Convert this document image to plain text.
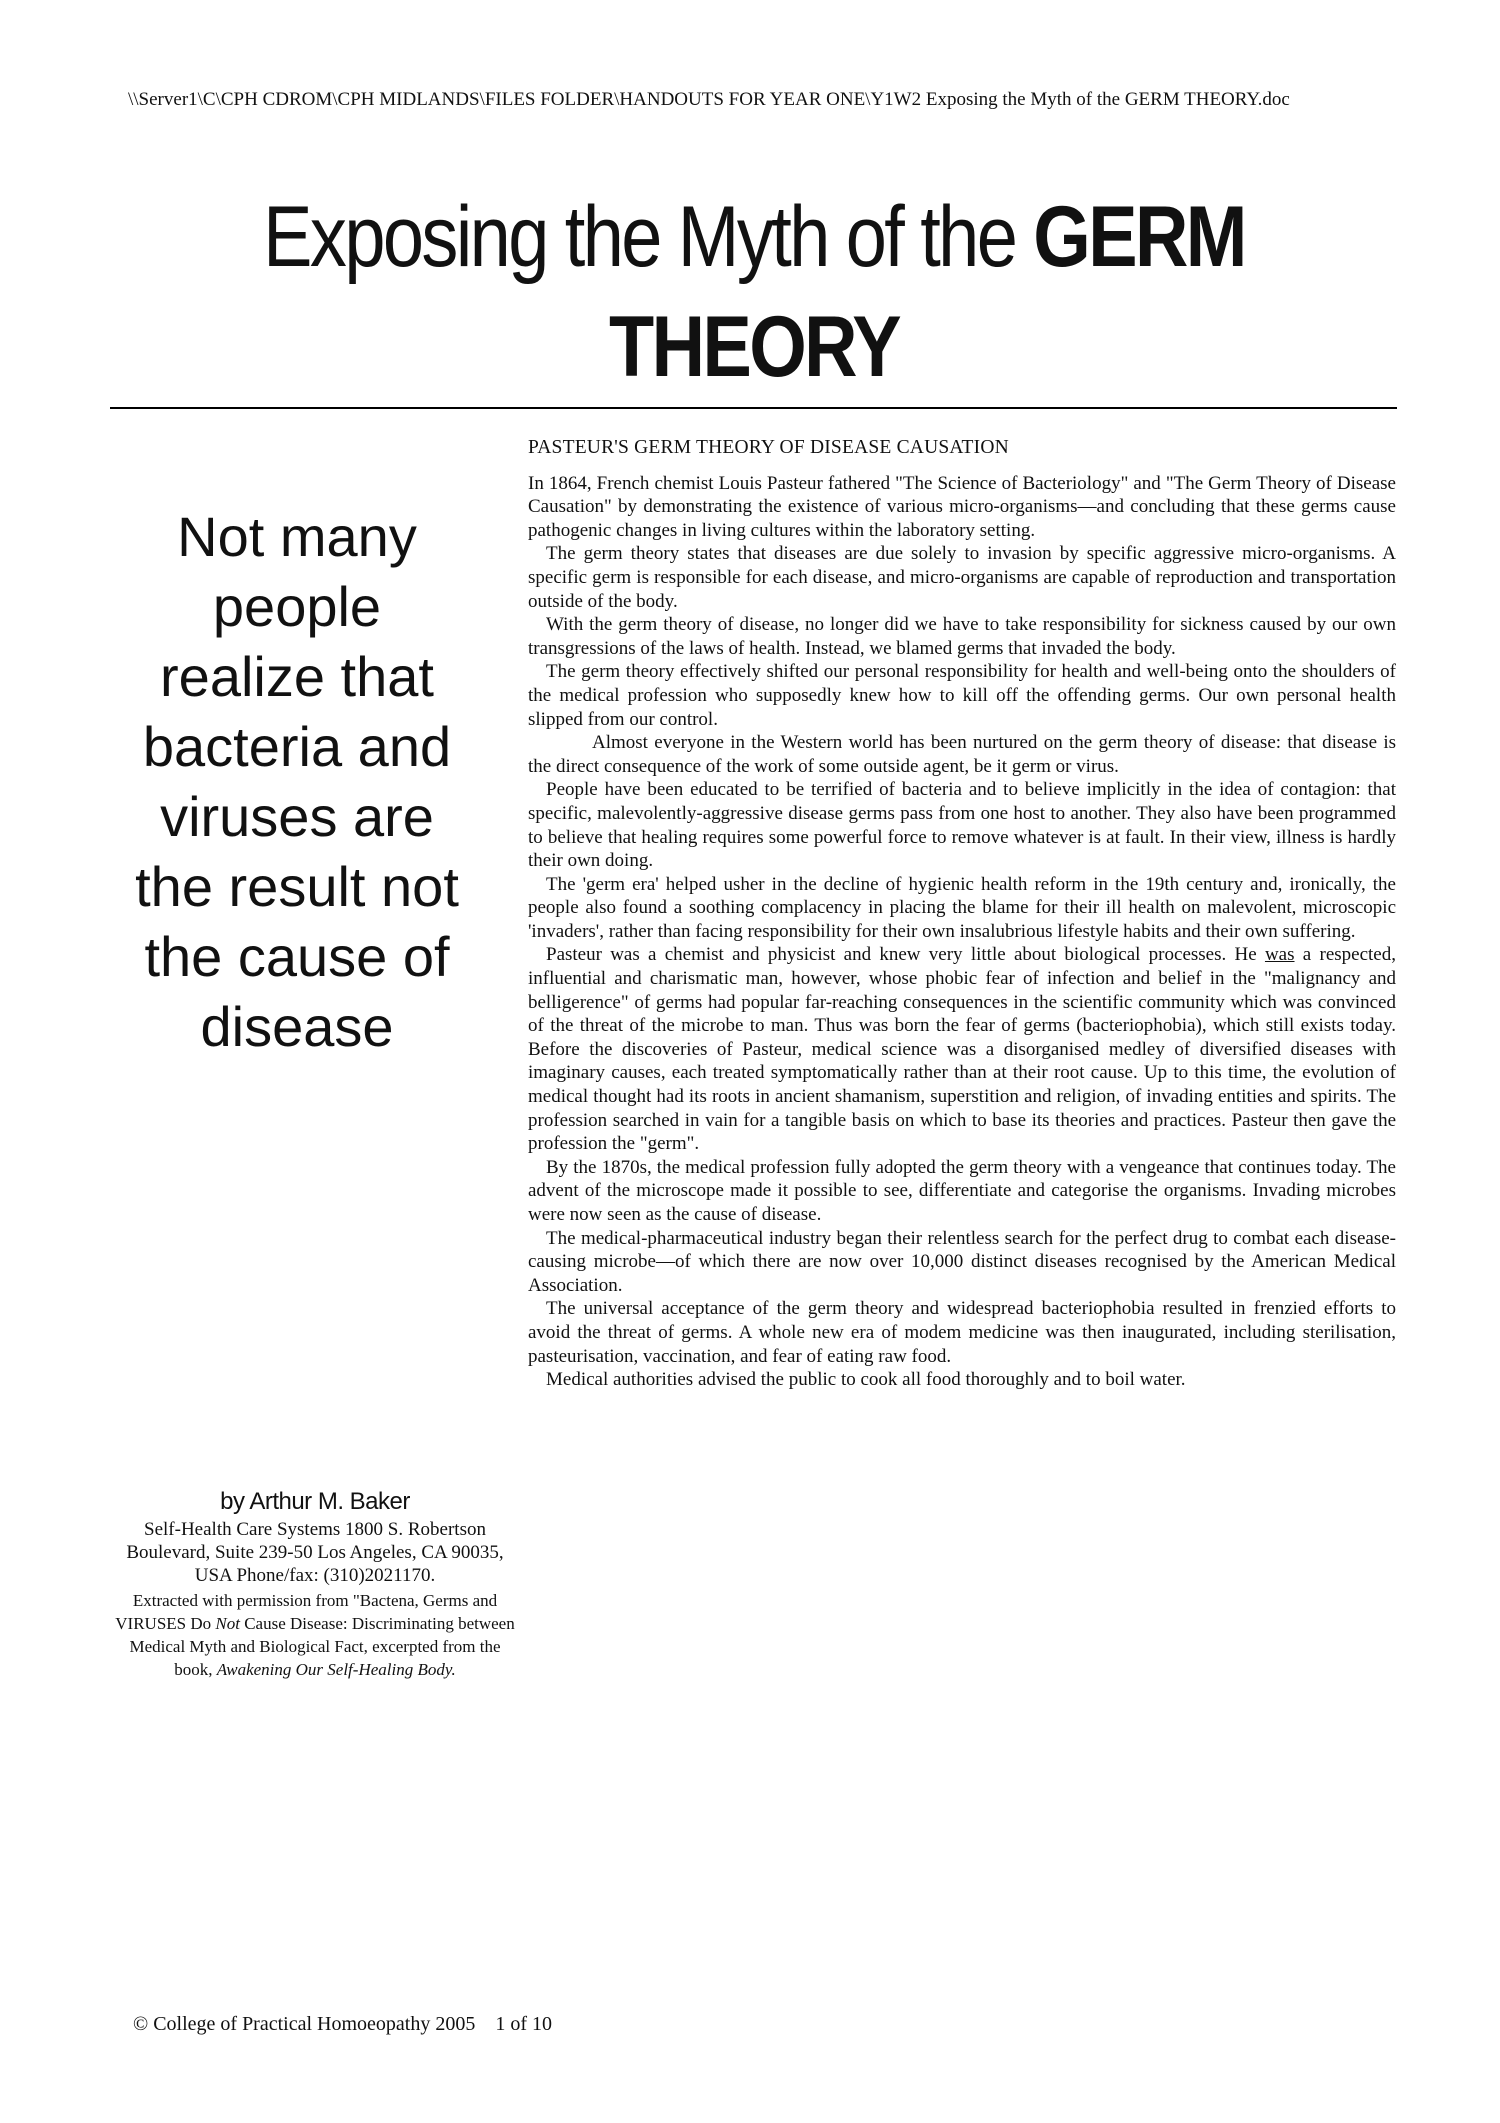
\\Server1\C\CPH CDROM\CPH MIDLANDS\FILES FOLDER\HANDOUTS FOR YEAR ONE\Y1W2 Exposing the Myth of the GERM THEORY.doc
Exposing the Myth of the GERM THEORY
Not many people realize that bacteria and viruses are the result not the cause of disease
by Arthur M. Baker
Self-Health Care Systems 1800 S. Robertson Boulevard, Suite 239-50 Los Angeles, CA 90035, USA Phone/fax: (310)2021170.
Extracted with permission from "Bactena, Germs and VIRUSES Do Not Cause Disease: Discriminating between Medical Myth and Biological Fact, excerpted from the book, Awakening Our Self-Healing Body.
PASTEUR'S GERM THEORY OF DISEASE CAUSATION

In 1864, French chemist Louis Pasteur fathered "The Science of Bacteriology" and "The Germ Theory of Disease Causation" by demonstrating the existence of various micro-organisms—and concluding that these germs cause pathogenic changes in living cultures within the laboratory setting.

The germ theory states that diseases are due solely to invasion by specific aggressive micro-organisms. A specific germ is responsible for each disease, and micro-organisms are capable of reproduction and transportation outside of the body.

With the germ theory of disease, no longer did we have to take responsibility for sickness caused by our own transgressions of the laws of health. Instead, we blamed germs that invaded the body.

The germ theory effectively shifted our personal responsibility for health and well-being onto the shoulders of the medical profession who supposedly knew how to kill off the offending germs. Our own personal health slipped from our control.

Almost everyone in the Western world has been nurtured on the germ theory of disease: that disease is the direct consequence of the work of some outside agent, be it germ or virus.

People have been educated to be terrified of bacteria and to believe implicitly in the idea of contagion: that specific, malevolently-aggressive disease germs pass from one host to another. They also have been programmed to believe that healing requires some powerful force to remove whatever is at fault. In their view, illness is hardly their own doing.

The 'germ era' helped usher in the decline of hygienic health reform in the 19th century and, ironically, the people also found a soothing complacency in placing the blame for their ill health on malevolent, microscopic 'invaders', rather than facing responsibility for their own insalubrious lifestyle habits and their own suffering.

Pasteur was a chemist and physicist and knew very little about biological processes. He was a respected, influential and charismatic man, however, whose phobic fear of infection and belief in the "malignancy and belligerence" of germs had popular far-reaching consequences in the scientific community which was convinced of the threat of the microbe to man. Thus was born the fear of germs (bacteriophobia), which still exists today. Before the discoveries of Pasteur, medical science was a disorganised medley of diversified diseases with imaginary causes, each treated symptomatically rather than at their root cause. Up to this time, the evolution of medical thought had its roots in ancient shamanism, superstition and religion, of invading entities and spirits. The profession searched in vain for a tangible basis on which to base its theories and practices. Pasteur then gave the profession the "germ".

By the 1870s, the medical profession fully adopted the germ theory with a vengeance that continues today. The advent of the microscope made it possible to see, differentiate and categorise the organisms. Invading microbes were now seen as the cause of disease.

The medical-pharmaceutical industry began their relentless search for the perfect drug to combat each disease-causing microbe—of which there are now over 10,000 distinct diseases recognised by the American Medical Association.

The universal acceptance of the germ theory and widespread bacteriophobia resulted in frenzied efforts to avoid the threat of germs. A whole new era of modem medicine was then inaugurated, including sterilisation, pasteurisation, vaccination, and fear of eating raw food.

Medical authorities advised the public to cook all food thoroughly and to boil water.

© College of Practical Homoeopathy 2005 1 of 10
